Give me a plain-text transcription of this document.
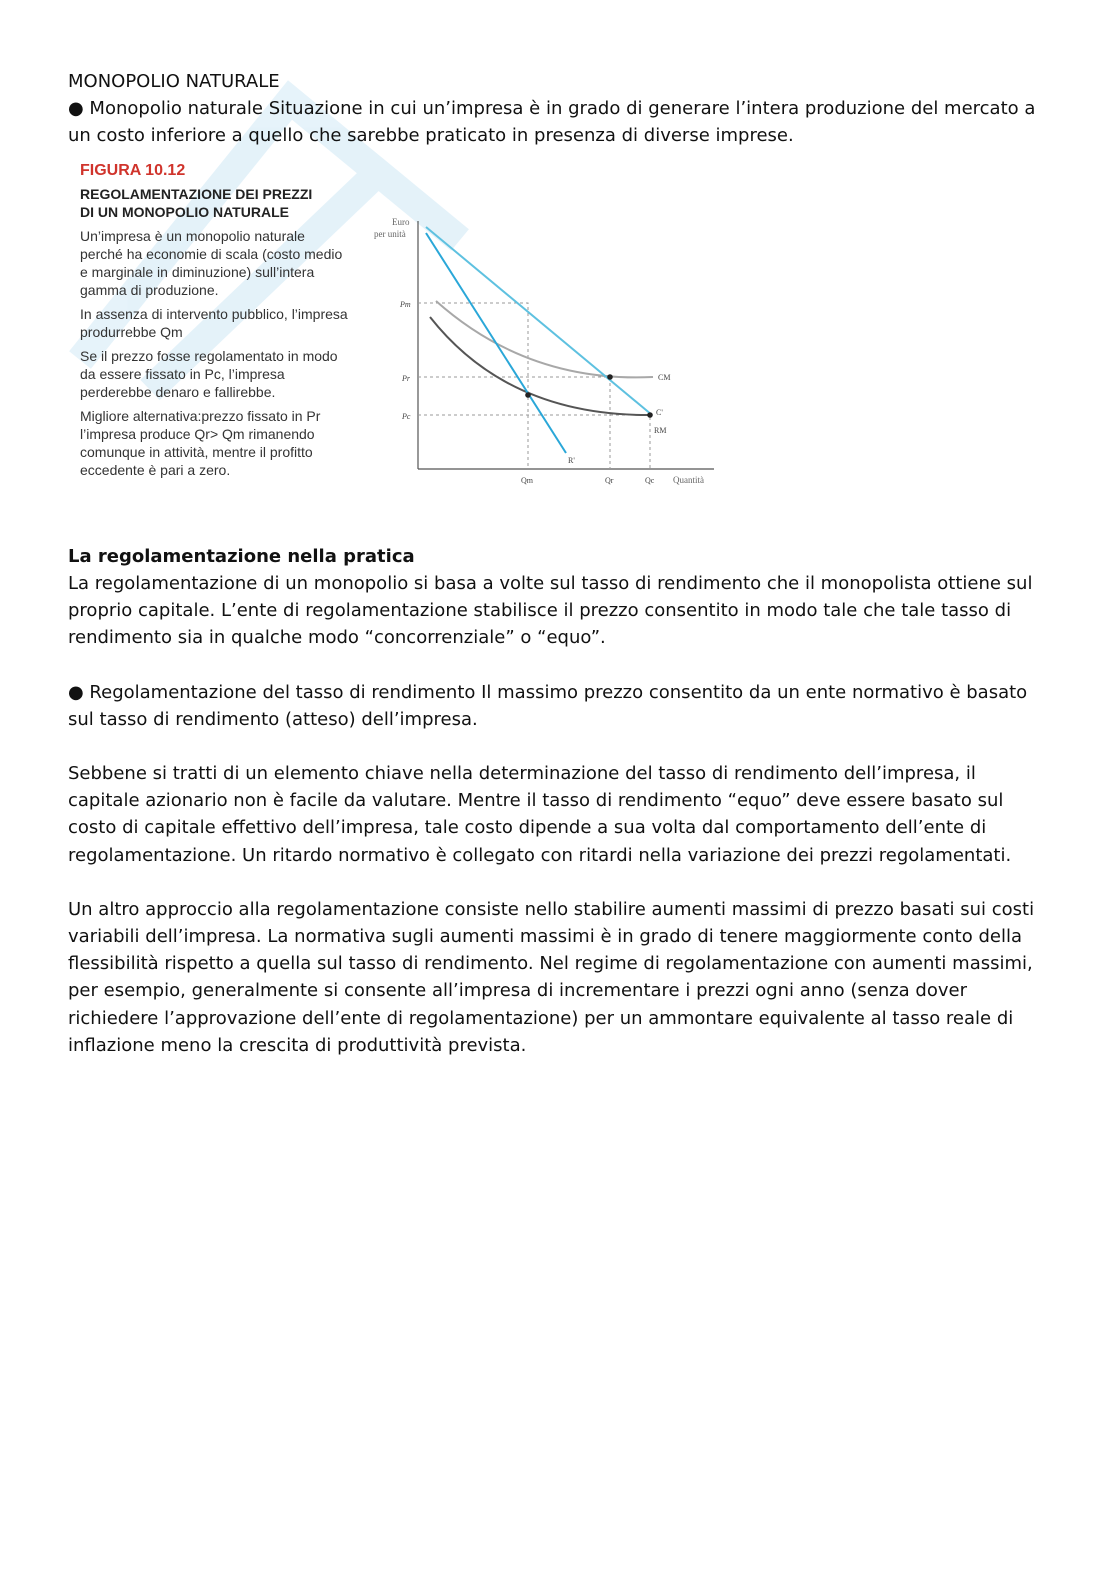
MONOPOLIO NATURALE

● Monopolio naturale Situazione in cui un’impresa è in grado di generare l’intera produzione del mercato a un costo inferiore a quello che sarebbe praticato in presenza di diverse imprese.

FIGURA 10.12
REGOLAMENTAZIONE DEI PREZZI
DI UN MONOPOLIO NATURALE
Un’impresa è un monopolio naturale perché ha economie di scala (costo medio e marginale in diminuzione) sull’intera gamma di produzione.
In assenza di intervento pubblico, l’impresa produrrebbe Qm
Se il prezzo fosse regolamentato in modo da essere fissato in Pc, l’impresa perderebbe denaro e fallirebbe.
Migliore alternativa:prezzo fissato in Pr l’impresa produce Qr> Qm rimanendo comunque in attività, mentre il profitto eccedente è pari a zero.
Euro
per unità
Quantità
Pm
Pr
Pc
Qm	Qr	Qc
CM
C'
RM
R'

La regolamentazione nella pratica

La regolamentazione di un monopolio si basa a volte sul tasso di rendimento che il monopolista ottiene sul proprio capitale. L’ente di regolamentazione stabilisce il prezzo consentito in modo tale che tale tasso di rendimento sia in qualche modo “concorrenziale” o “equo”.

● Regolamentazione del tasso di rendimento Il massimo prezzo consentito da un ente normativo è basato sul tasso di rendimento (atteso) dell’impresa.

Sebbene si tratti di un elemento chiave nella determinazione del tasso di rendimento dell’impresa, il capitale azionario non è facile da valutare. Mentre il tasso di rendimento “equo” deve essere basato sul costo di capitale effettivo dell’impresa, tale costo dipende a sua volta dal comportamento dell’ente di regolamentazione. Un ritardo normativo è collegato con ritardi nella variazione dei prezzi regolamentati.

Un altro approccio alla regolamentazione consiste nello stabilire aumenti massimi di prezzo basati sui costi variabili dell’impresa. La normativa sugli aumenti massimi è in grado di tenere maggiormente conto della flessibilità rispetto a quella sul tasso di rendimento. Nel regime di regolamentazione con aumenti massimi, per esempio, generalmente si consente all’impresa di incrementare i prezzi ogni anno (senza dover richiedere l’approvazione dell’ente di regolamentazione) per un ammontare equivalente al tasso reale di inflazione meno la crescita di produttività prevista.
